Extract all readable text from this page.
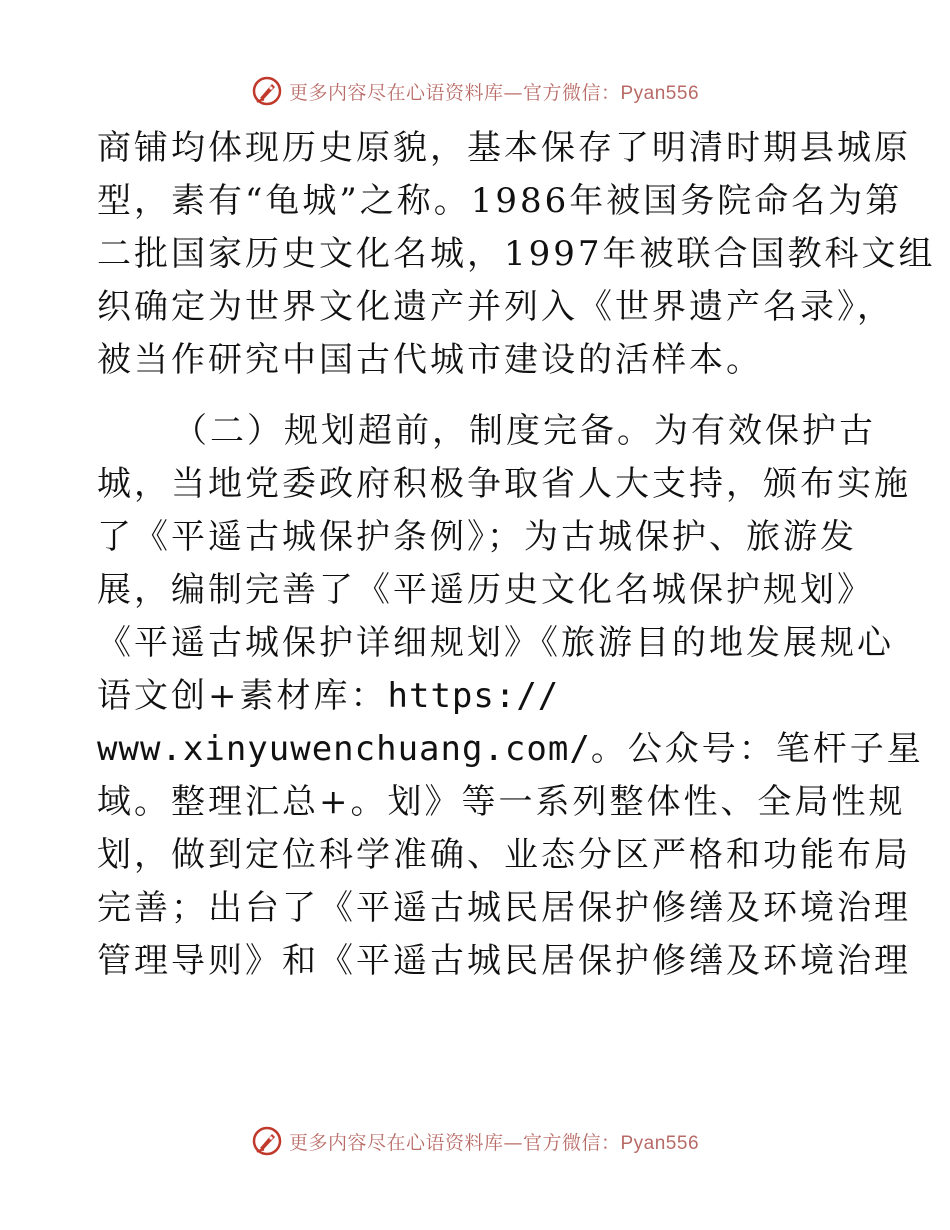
更多内容尽在心语资料库—官方微信：Pyan556
商铺均体现历史原貌，基本保存了明清时期县城原
型，素有“龟城”之称。1986年被国务院命名为第
二批国家历史文化名城，1997年被联合国教科文组
织确定为世界文化遗产并列入《世界遗产名录》，
被当作研究中国古代城市建设的活样本。
（二）规划超前，制度完备。为有效保护古
城，当地党委政府积极争取省人大支持，颁布实施
了《平遥古城保护条例》；为古城保护、旅游发
展，编制完善了《平遥历史文化名城保护规划》
《平遥古城保护详细规划》《旅游目的地发展规心
语文创+素材库：https://
www.xinyuwenchuang.com/。公众号：笔杆子星
域。整理汇总+。划》等一系列整体性、全局性规
划，做到定位科学准确、业态分区严格和功能布局
完善；出台了《平遥古城民居保护修缮及环境治理
管理导则》和《平遥古城民居保护修缮及环境治理
更多内容尽在心语资料库—官方微信：Pyan556
